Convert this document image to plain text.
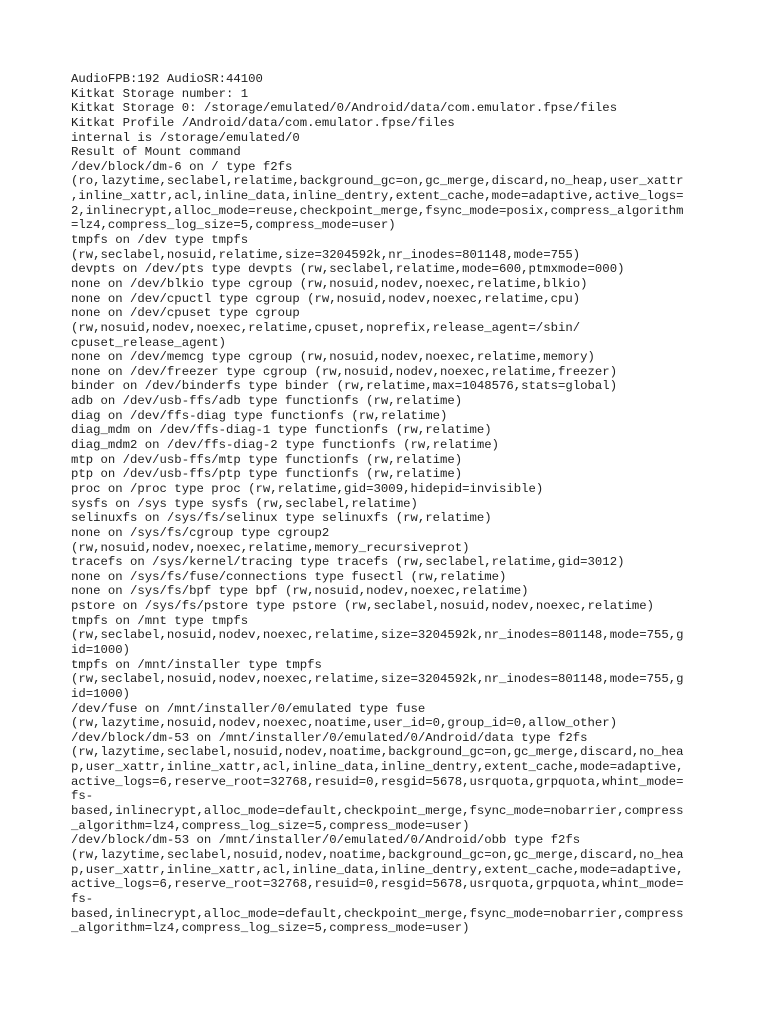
AudioFPB:192 AudioSR:44100
Kitkat Storage number: 1
Kitkat Storage 0: /storage/emulated/0/Android/data/com.emulator.fpse/files
Kitkat Profile /Android/data/com.emulator.fpse/files
internal is /storage/emulated/0
Result of Mount command
/dev/block/dm-6 on / type f2fs
(ro,lazytime,seclabel,relatime,background_gc=on,gc_merge,discard,no_heap,user_xattr
,inline_xattr,acl,inline_data,inline_dentry,extent_cache,mode=adaptive,active_logs=
2,inlinecrypt,alloc_mode=reuse,checkpoint_merge,fsync_mode=posix,compress_algorithm
=lz4,compress_log_size=5,compress_mode=user)
tmpfs on /dev type tmpfs
(rw,seclabel,nosuid,relatime,size=3204592k,nr_inodes=801148,mode=755)
devpts on /dev/pts type devpts (rw,seclabel,relatime,mode=600,ptmxmode=000)
none on /dev/blkio type cgroup (rw,nosuid,nodev,noexec,relatime,blkio)
none on /dev/cpuctl type cgroup (rw,nosuid,nodev,noexec,relatime,cpu)
none on /dev/cpuset type cgroup
(rw,nosuid,nodev,noexec,relatime,cpuset,noprefix,release_agent=/sbin/
cpuset_release_agent)
none on /dev/memcg type cgroup (rw,nosuid,nodev,noexec,relatime,memory)
none on /dev/freezer type cgroup (rw,nosuid,nodev,noexec,relatime,freezer)
binder on /dev/binderfs type binder (rw,relatime,max=1048576,stats=global)
adb on /dev/usb-ffs/adb type functionfs (rw,relatime)
diag on /dev/ffs-diag type functionfs (rw,relatime)
diag_mdm on /dev/ffs-diag-1 type functionfs (rw,relatime)
diag_mdm2 on /dev/ffs-diag-2 type functionfs (rw,relatime)
mtp on /dev/usb-ffs/mtp type functionfs (rw,relatime)
ptp on /dev/usb-ffs/ptp type functionfs (rw,relatime)
proc on /proc type proc (rw,relatime,gid=3009,hidepid=invisible)
sysfs on /sys type sysfs (rw,seclabel,relatime)
selinuxfs on /sys/fs/selinux type selinuxfs (rw,relatime)
none on /sys/fs/cgroup type cgroup2
(rw,nosuid,nodev,noexec,relatime,memory_recursiveprot)
tracefs on /sys/kernel/tracing type tracefs (rw,seclabel,relatime,gid=3012)
none on /sys/fs/fuse/connections type fusectl (rw,relatime)
none on /sys/fs/bpf type bpf (rw,nosuid,nodev,noexec,relatime)
pstore on /sys/fs/pstore type pstore (rw,seclabel,nosuid,nodev,noexec,relatime)
tmpfs on /mnt type tmpfs
(rw,seclabel,nosuid,nodev,noexec,relatime,size=3204592k,nr_inodes=801148,mode=755,g
id=1000)
tmpfs on /mnt/installer type tmpfs
(rw,seclabel,nosuid,nodev,noexec,relatime,size=3204592k,nr_inodes=801148,mode=755,g
id=1000)
/dev/fuse on /mnt/installer/0/emulated type fuse
(rw,lazytime,nosuid,nodev,noexec,noatime,user_id=0,group_id=0,allow_other)
/dev/block/dm-53 on /mnt/installer/0/emulated/0/Android/data type f2fs
(rw,lazytime,seclabel,nosuid,nodev,noatime,background_gc=on,gc_merge,discard,no_hea
p,user_xattr,inline_xattr,acl,inline_data,inline_dentry,extent_cache,mode=adaptive,
active_logs=6,reserve_root=32768,resuid=0,resgid=5678,usrquota,grpquota,whint_mode=
fs-
based,inlinecrypt,alloc_mode=default,checkpoint_merge,fsync_mode=nobarrier,compress
_algorithm=lz4,compress_log_size=5,compress_mode=user)
/dev/block/dm-53 on /mnt/installer/0/emulated/0/Android/obb type f2fs
(rw,lazytime,seclabel,nosuid,nodev,noatime,background_gc=on,gc_merge,discard,no_hea
p,user_xattr,inline_xattr,acl,inline_data,inline_dentry,extent_cache,mode=adaptive,
active_logs=6,reserve_root=32768,resuid=0,resgid=5678,usrquota,grpquota,whint_mode=
fs-
based,inlinecrypt,alloc_mode=default,checkpoint_merge,fsync_mode=nobarrier,compress
_algorithm=lz4,compress_log_size=5,compress_mode=user)
